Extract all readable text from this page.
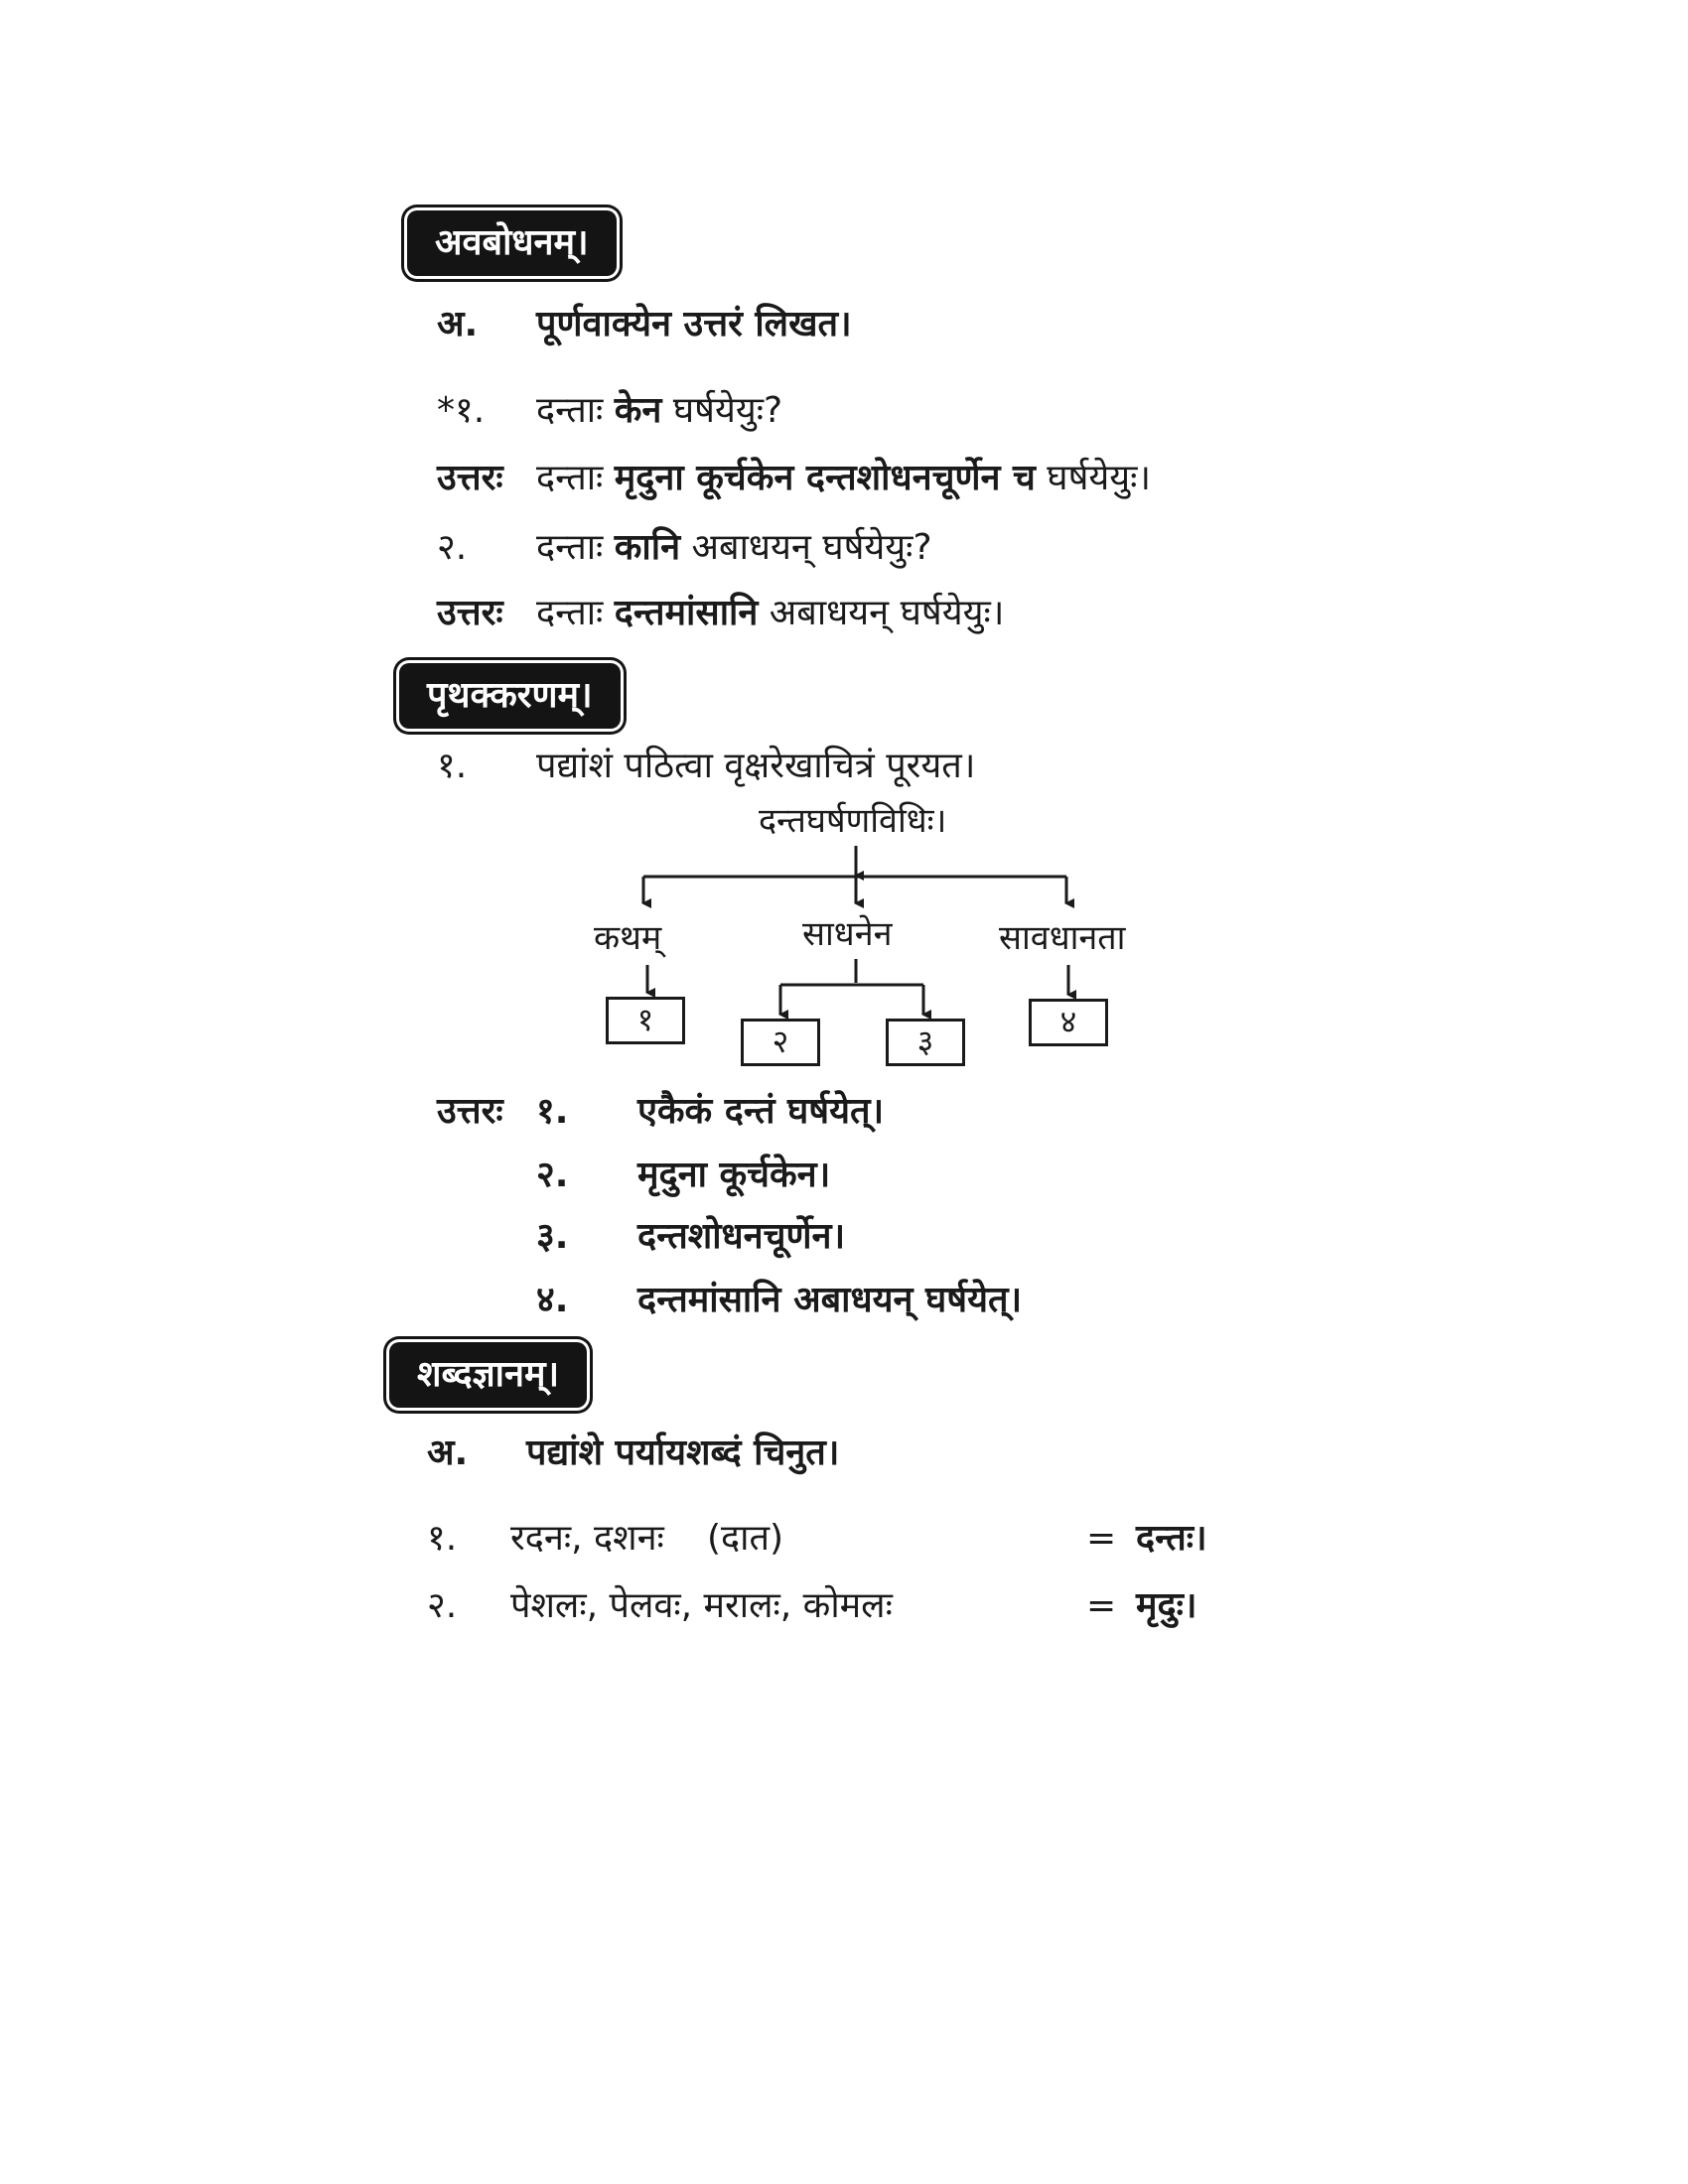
अवबोधनम्।
अ. पूर्णवाक्येन उत्तरं लिखत।
*१. दन्ताः केन घर्षयेयुः?
उत्तरः दन्ताः मृदुना कूर्चकेन दन्तशोधनचूर्णेन च घर्षयेयुः।
२. दन्ताः कानि अबाधयन् घर्षयेयुः?
उत्तरः दन्ताः दन्तमांसानि अबाधयन् घर्षयेयुः।
पृथक्करणम्।
१. पद्यांशं पठित्वा वृक्षरेखाचित्रं पूरयत।
दन्तघर्षणविधिः।
कथम्	साधनेन	सावधानता
१
२	३
४
उत्तरः १. एकैकं दन्तं घर्षयेत्।
२. मृदुना कूर्चकेन।
३. दन्तशोधनचूर्णेन।
४. दन्तमांसानि अबाधयन् घर्षयेत्।
शब्दज्ञानम्।
अ. पद्यांशे पर्यायशब्दं चिनुत।
१. रदनः, दशनः (दात)	= दन्तः।
२. पेशलः, पेलवः, मरालः, कोमलः	= मृदुः।
